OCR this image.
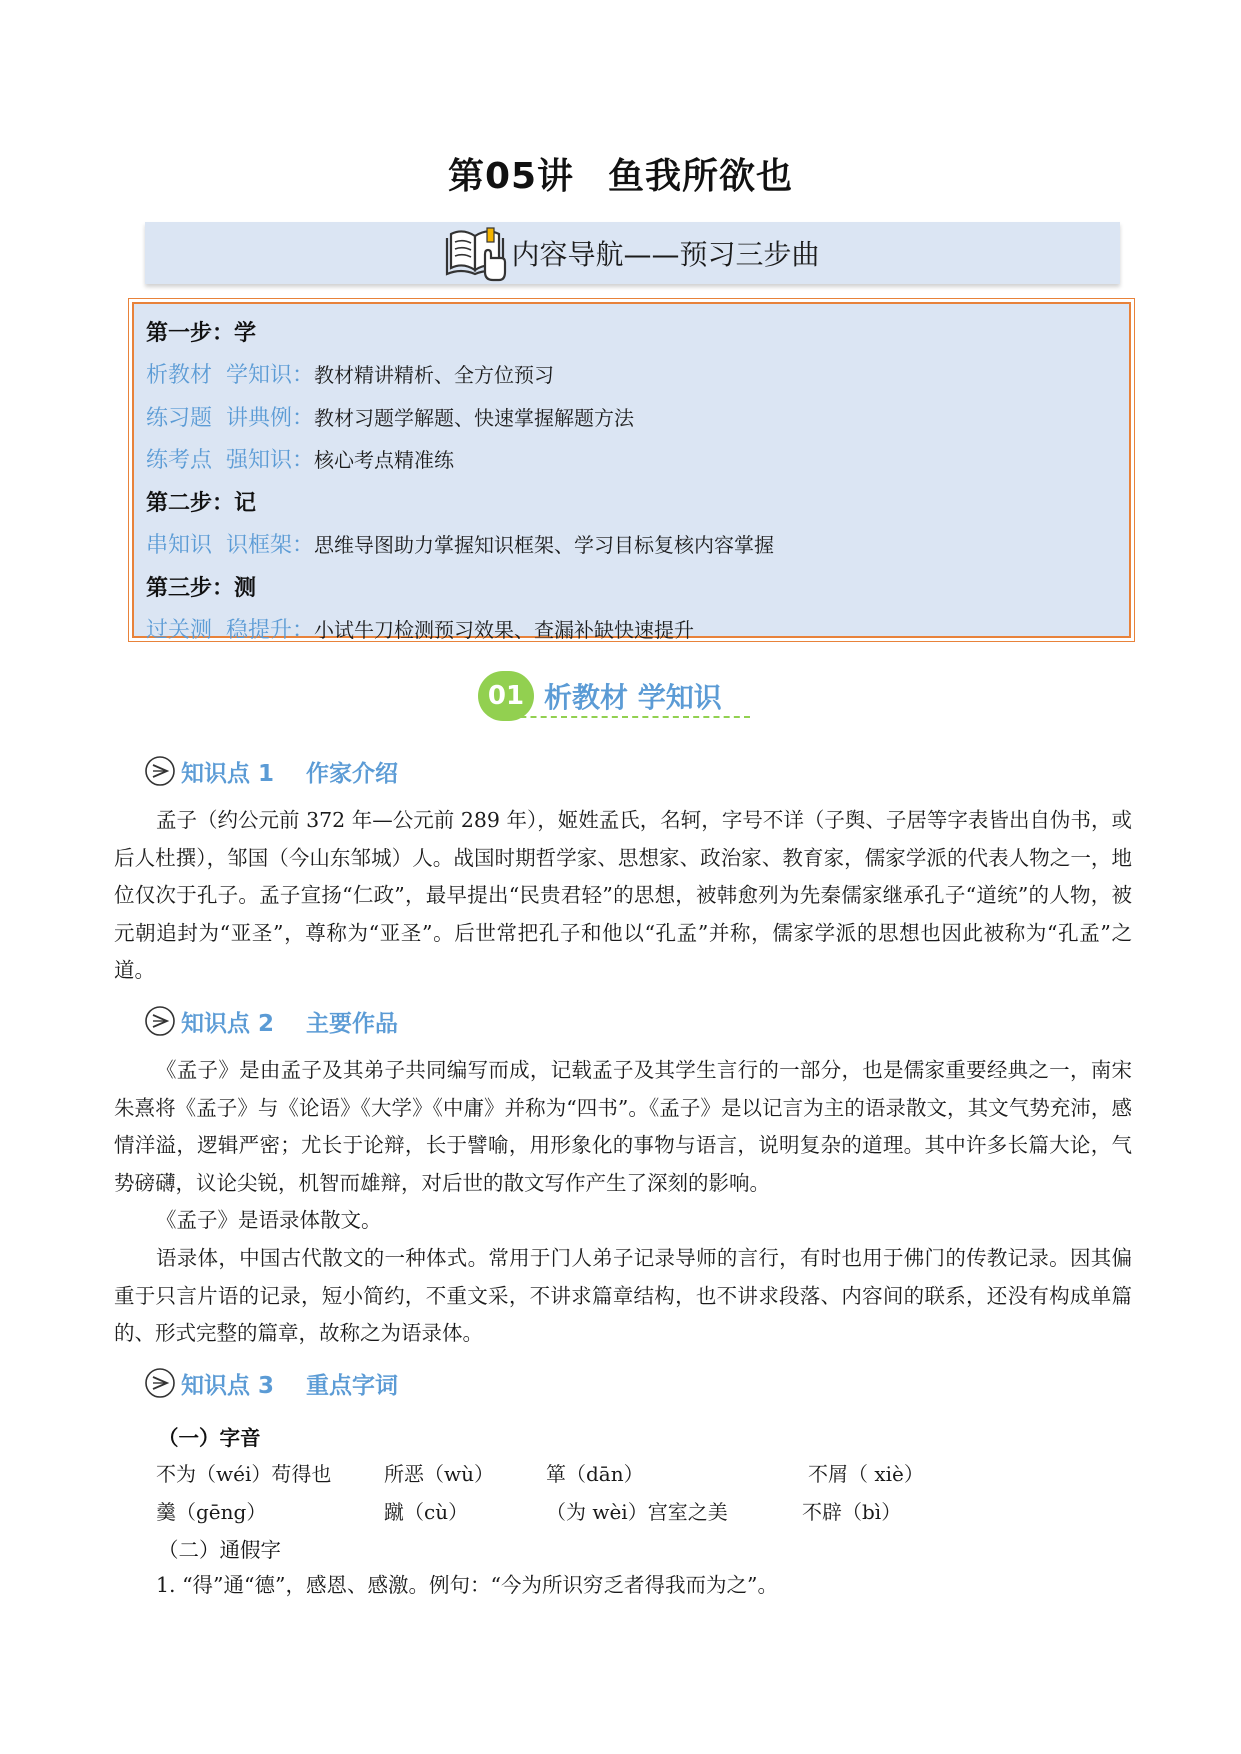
第05讲 鱼我所欲也
内容导航——预习三步曲
第一步：学
析教材  学知识： 教材精讲精析、全方位预习
练习题  讲典例： 教材习题学解题、快速掌握解题方法
练考点  强知识： 核心考点精准练
第二步：记
串知识  识框架： 思维导图助力掌握知识框架、学习目标复核内容掌握
第三步：测
过关测  稳提升： 小试牛刀检测预习效果、查漏补缺快速提升
01 析教材 学知识
知识点 1    作家介绍
孟子（约公元前 372 年—公元前 289 年），姬姓孟氏，名轲，字号不详（子舆、子居等字表皆出自伪书，或后人杜撰），邹国（今山东邹城）人。战国时期哲学家、思想家、政治家、教育家，儒家学派的代表人物之一，地位仅次于孔子。孟子宣扬“仁政”，最早提出“民贵君轻”的思想，被韩愈列为先秦儒家继承孔子“道统”的人物，被元朝追封为“亚圣”，尊称为“亚圣”。后世常把孔子和他以“孔孟”并称，儒家学派的思想也因此被称为“孔孟”之道。
知识点 2    主要作品
《孟子》是由孟子及其弟子共同编写而成，记载孟子及其学生言行的一部分，也是儒家重要经典之一，南宋朱熹将《孟子》与《论语》《大学》《中庸》并称为“四书”。《孟子》是以记言为主的语录散文，其文气势充沛，感情洋溢，逻辑严密；尤长于论辩，长于譬喻，用形象化的事物与语言，说明复杂的道理。其中许多长篇大论，气势磅礴，议论尖锐，机智而雄辩，对后世的散文写作产生了深刻的影响。
《孟子》是语录体散文。
语录体，中国古代散文的一种体式。常用于门人弟子记录导师的言行，有时也用于佛门的传教记录。因其偏重于只言片语的记录，短小简约，不重文采，不讲求篇章结构，也不讲求段落、内容间的联系，还没有构成单篇的、形式完整的篇章，故称之为语录体。
知识点 3    重点字词
（一）字音
不为（wéi）苟得也	所恶（wù）	箪（dān）	不屑（ xiè）
羹（gēng）	蹴（cù）	（为 wèi）宫室之美	不辟（bì）
（二）通假字
1. “得”通“德”，感恩、感激。例句：“今为所识穷乏者得我而为之”。
